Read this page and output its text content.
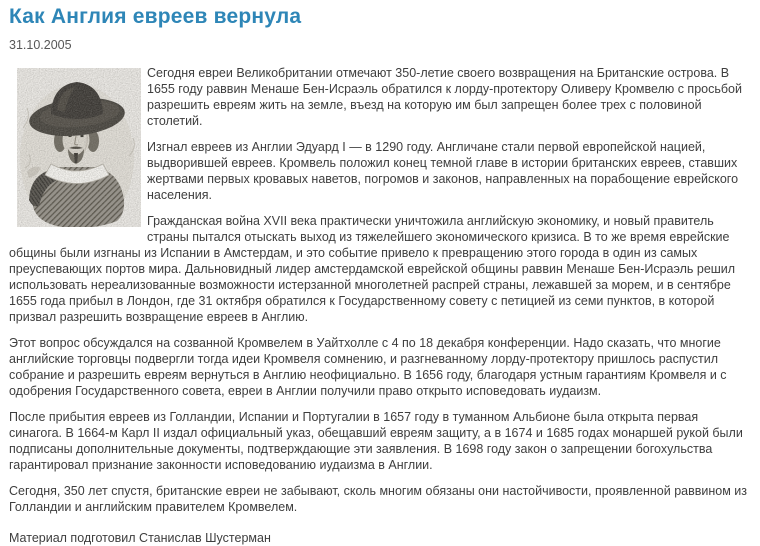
Как Англия евреев вернула
31.10.2005

Сегодня евреи Великобритании отмечают 350-летие своего возвращения на Британские острова. В 1655 году раввин Менаше Бен-Исраэль обратился к лорду-протектору Оливеру Кромвелю с просьбой разрешить евреям жить на земле, въезд на которую им был запрещен более трех с половиной столетий.

Изгнал евреев из Англии Эдуард I — в 1290 году. Англичане стали первой европейской нацией, выдворившей евреев. Кромвель положил конец темной главе в истории британских евреев, ставших жертвами первых кровавых наветов, погромов и законов, направленных на порабощение еврейского населения.

Гражданская война XVII века практически уничтожила английскую экономику, и новый правитель страны пытался отыскать выход из тяжелейшего экономического кризиса. В то же время еврейские общины были изгнаны из Испании в Амстердам, и это событие привело к превращению этого города в один из самых преуспевающих портов мира. Дальновидный лидер амстердамской еврейской общины раввин Менаше Бен-Исраэль решил использовать нереализованные возможности истерзанной многолетней распрей страны, лежавшей за морем, и в сентябре 1655 года прибыл в Лондон, где 31 октября обратился к Государственному совету с петицией из семи пунктов, в которой призвал разрешить возвращение евреев в Англию.

Этот вопрос обсуждался на созванной Кромвелем в Уайтхолле с 4 по 18 декабря конференции. Надо сказать, что многие английские торговцы подвергли тогда идеи Кромвеля сомнению, и разгневанному лорду-протектору пришлось распустил собрание и разрешить евреям вернуться в Англию неофициально. В 1656 году, благодаря устным гарантиям Кромвеля и с одобрения Государственного совета, евреи в Англии получили право открыто исповедовать иудаизм.

После прибытия евреев из Голландии, Испании и Португалии в 1657 году в туманном Альбионе была открыта первая синагога. В 1664-м Карл II издал официальный указ, обещавший евреям защиту, а в 1674 и 1685 годах монаршей рукой были подписаны дополнительные документы, подтверждающие эти заявления. В 1698 году закон о запрещении богохульства гарантировал признание законности исповедованию иудаизма в Англии.

Сегодня, 350 лет спустя, британские евреи не забывают, сколь многим обязаны они настойчивости, проявленной раввином из Голландии и английским правителем Кромвелем.

Материал подготовил Станислав Шустерман
